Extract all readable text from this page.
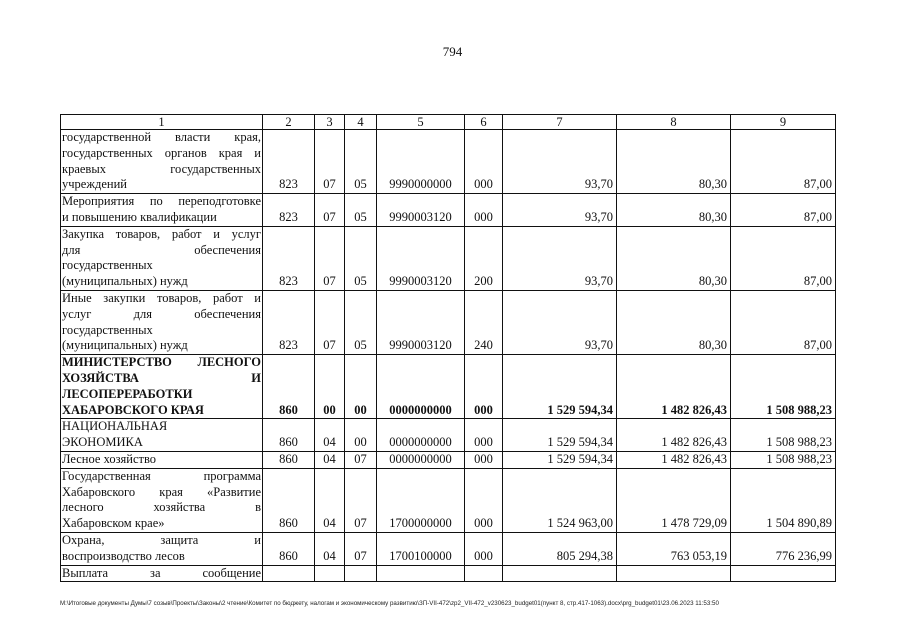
794
1	2	3	4	5	6	7	8	9

государственной власти края,
государственных органов края и
краевых государственных
учреждений	823	07	05	9990000000	000	93,70	80,30	87,00

Мероприятия по переподготовке
и повышению квалификации	823	07	05	9990003120	000	93,70	80,30	87,00

Закупка товаров, работ и услуг
для обеспечения
государственных
(муниципальных) нужд	823	07	05	9990003120	200	93,70	80,30	87,00

Иные закупки товаров, работ и
услуг для обеспечения
государственных
(муниципальных) нужд	823	07	05	9990003120	240	93,70	80,30	87,00

МИНИСТЕРСТВО ЛЕСНОГО
ХОЗЯЙСТВА И
ЛЕСОПЕРЕРАБОТКИ
ХАБАРОВСКОГО КРАЯ	860	00	00	0000000000	000	1 529 594,34	1 482 826,43	1 508 988,23

НАЦИОНАЛЬНАЯ
ЭКОНОМИКА	860	04	00	0000000000	000	1 529 594,34	1 482 826,43	1 508 988,23

Лесное хозяйство	860	04	07	0000000000	000	1 529 594,34	1 482 826,43	1 508 988,23

Государственная программа
Хабаровского края «Развитие
лесного хозяйства в
Хабаровском крае»	860	04	07	1700000000	000	1 524 963,00	1 478 729,09	1 504 890,89

Охрана, защита и
воспроизводство лесов	860	04	07	1700100000	000	805 294,38	763 053,19	776 236,99

Выплата за сообщение								

M:\Итоговые документы Думы\7 созыв\Проекты\Законы\2 чтение\Комитет по бюджету, налогам и экономическому развитию\ЗП-VII-472\zp2_VII-472_v230623_budget01(пункт 8, стр.417-1063).docx\prg_budget01\23.06.2023 11:53:50
